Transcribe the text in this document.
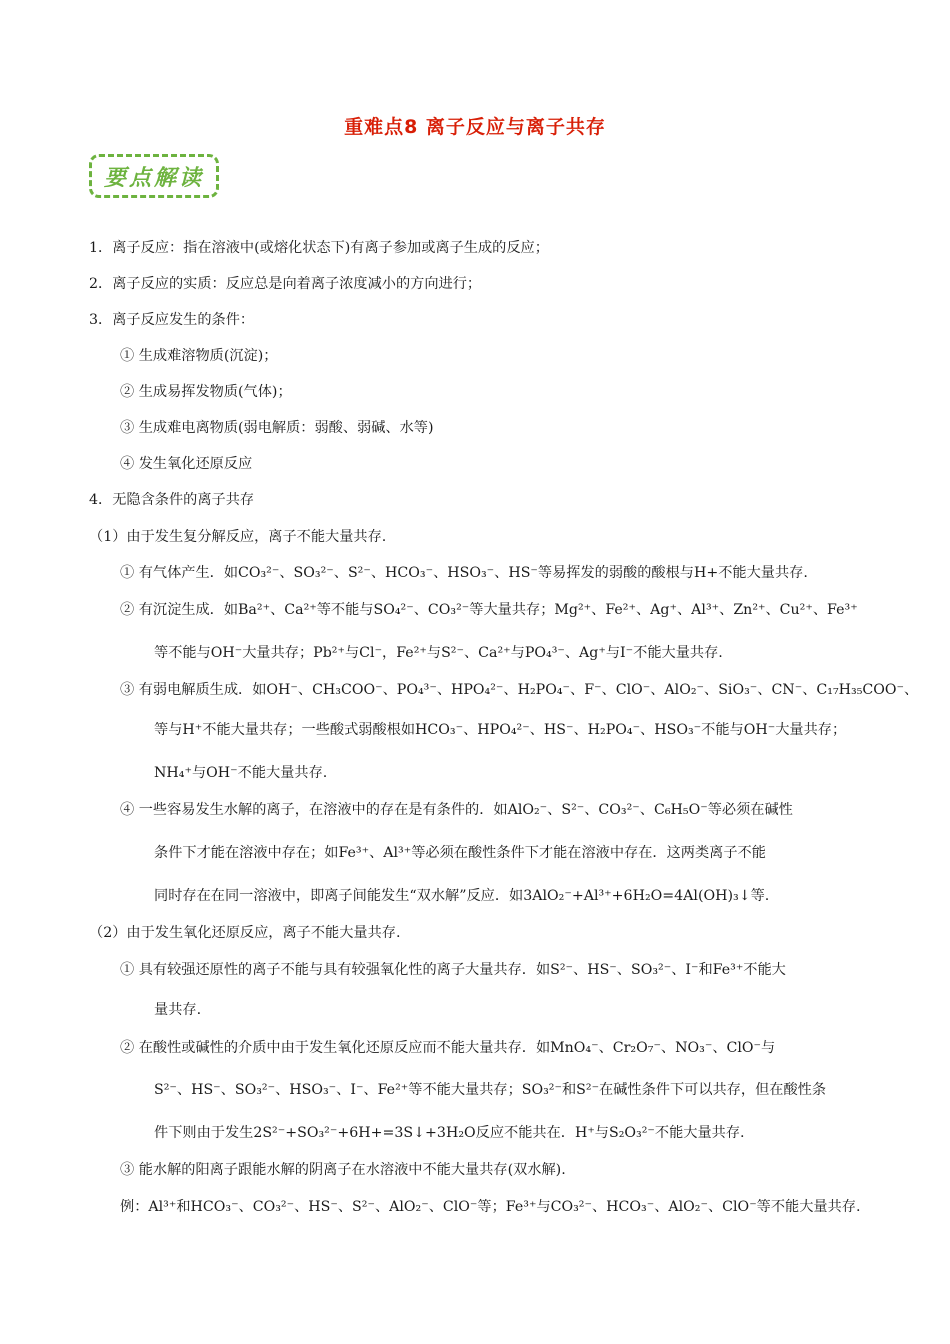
重难点8 离子反应与离子共存
要点解读
1．离子反应：指在溶液中(或熔化状态下)有离子参加或离子生成的反应；
2．离子反应的实质：反应总是向着离子浓度减小的方向进行；
3．离子反应发生的条件：
① 生成难溶物质(沉淀)；
② 生成易挥发物质(气体)；
③ 生成难电离物质(弱电解质：弱酸、弱碱、水等)
④ 发生氧化还原反应
4．无隐含条件的离子共存
（1）由于发生复分解反应，离子不能大量共存.
① 有气体产生．如CO₃²⁻、SO₃²⁻、S²⁻、HCO₃⁻、HSO₃⁻、HS⁻等易挥发的弱酸的酸根与H+不能大量共存.
② 有沉淀生成．如Ba²⁺、Ca²⁺等不能与SO₄²⁻、CO₃²⁻等大量共存；Mg²⁺、Fe²⁺、Ag⁺、Al³⁺、Zn²⁺、Cu²⁺、Fe³⁺
等不能与OH⁻大量共存；Pb²⁺与Cl⁻，Fe²⁺与S²⁻、Ca²⁺与PO₄³⁻、Ag⁺与I⁻不能大量共存.
③ 有弱电解质生成．如OH⁻、CH₃COO⁻、PO₄³⁻、HPO₄²⁻、H₂PO₄⁻、F⁻、ClO⁻、AlO₂⁻、SiO₃⁻、CN⁻、C₁₇H₃₅COO⁻、
等与H⁺不能大量共存；一些酸式弱酸根如HCO₃⁻、HPO₄²⁻、HS⁻、H₂PO₄⁻、HSO₃⁻不能与OH⁻大量共存；
NH₄⁺与OH⁻不能大量共存.
④ 一些容易发生水解的离子，在溶液中的存在是有条件的．如AlO₂⁻、S²⁻、CO₃²⁻、C₆H₅O⁻等必须在碱性
条件下才能在溶液中存在；如Fe³⁺、Al³⁺等必须在酸性条件下才能在溶液中存在．这两类离子不能
同时存在在同一溶液中，即离子间能发生“双水解”反应．如3AlO₂⁻+Al³⁺+6H₂O=4Al(OH)₃↓等.
（2）由于发生氧化还原反应，离子不能大量共存.
① 具有较强还原性的离子不能与具有较强氧化性的离子大量共存．如S²⁻、HS⁻、SO₃²⁻、I⁻和Fe³⁺不能大
量共存.
② 在酸性或碱性的介质中由于发生氧化还原反应而不能大量共存．如MnO₄⁻、Cr₂O₇⁻、NO₃⁻、ClO⁻与
S²⁻、HS⁻、SO₃²⁻、HSO₃⁻、I⁻、Fe²⁺等不能大量共存；SO₃²⁻和S²⁻在碱性条件下可以共存，但在酸性条
件下则由于发生2S²⁻+SO₃²⁻+6H+=3S↓+3H₂O反应不能共在．H⁺与S₂O₃²⁻不能大量共存.
③ 能水解的阳离子跟能水解的阴离子在水溶液中不能大量共存(双水解).
例：Al³⁺和HCO₃⁻、CO₃²⁻、HS⁻、S²⁻、AlO₂⁻、ClO⁻等；Fe³⁺与CO₃²⁻、HCO₃⁻、AlO₂⁻、ClO⁻等不能大量共存.
